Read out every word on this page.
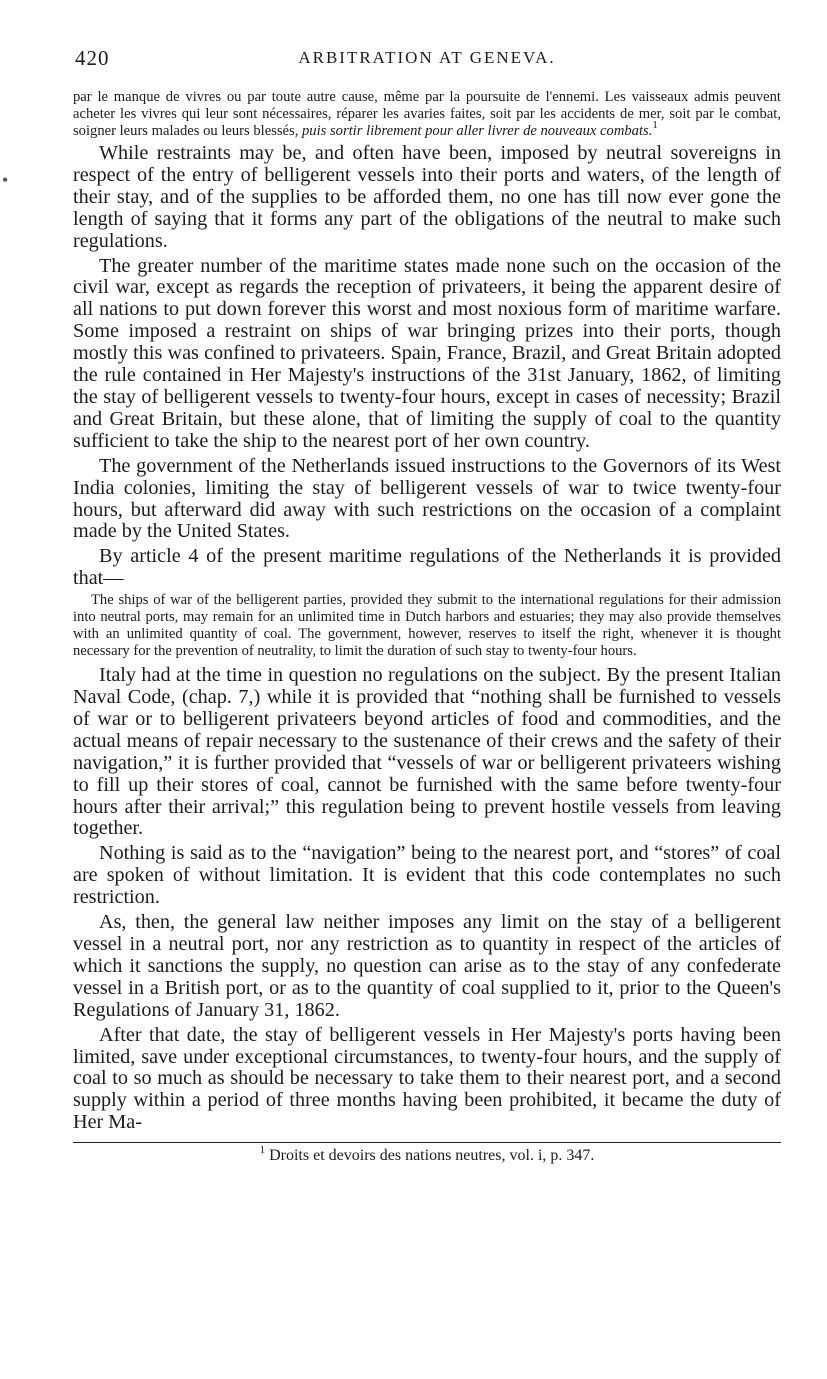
420	ARBITRATION AT GENEVA.

par le manque de vivres ou par toute autre cause, même par la poursuite de l'ennemi. Les vaisseaux admis peuvent acheter les vivres qui leur sont nécessaires, réparer les avaries faites, soit par les accidents de mer, soit par le combat, soigner leurs malades ou leurs blessés, puis sortir librement pour aller livrer de nouveaux combats.$^1$

While restraints may be, and often have been, imposed by neutral sovereigns in respect of the entry of belligerent vessels into their ports and waters, of the length of their stay, and of the supplies to be afforded them, no one has till now ever gone the length of saying that it forms any part of the obligations of the neutral to make such regulations.

The greater number of the maritime states made none such on the occasion of the civil war, except as regards the reception of privateers, it being the apparent desire of all nations to put down forever this worst and most noxious form of maritime warfare. Some imposed a restraint on ships of war bringing prizes into their ports, though mostly this was confined to privateers. Spain, France, Brazil, and Great Britain adopted the rule contained in Her Majesty's instructions of the 31st January, 1862, of limiting the stay of belligerent vessels to twenty-four hours, except in cases of necessity; Brazil and Great Britain, but these alone, that of limiting the supply of coal to the quantity sufficient to take the ship to the nearest port of her own country.

The government of the Netherlands issued instructions to the Governors of its West India colonies, limiting the stay of belligerent vessels of war to twice twenty-four hours, but afterward did away with such restrictions on the occasion of a complaint made by the United States.

By article 4 of the present maritime regulations of the Netherlands it is provided that—

The ships of war of the belligerent parties, provided they submit to the international regulations for their admission into neutral ports, may remain for an unlimited time in Dutch harbors and estuaries; they may also provide themselves with an unlimited quantity of coal. The government, however, reserves to itself the right, whenever it is thought necessary for the prevention of neutrality, to limit the duration of such stay to twenty-four hours.

Italy had at the time in question no regulations on the subject. By the present Italian Naval Code, (chap. 7,) while it is provided that “nothing shall be furnished to vessels of war or to belligerent privateers beyond articles of food and commodities, and the actual means of repair necessary to the sustenance of their crews and the safety of their navigation,” it is further provided that “vessels of war or belligerent privateers wishing to fill up their stores of coal, cannot be furnished with the same before twenty-four hours after their arrival;” this regulation being to prevent hostile vessels from leaving together.

Nothing is said as to the “navigation” being to the nearest port, and “stores” of coal are spoken of without limitation. It is evident that this code contemplates no such restriction.

As, then, the general law neither imposes any limit on the stay of a belligerent vessel in a neutral port, nor any restriction as to quantity in respect of the articles of which it sanctions the supply, no question can arise as to the stay of any confederate vessel in a British port, or as to the quantity of coal supplied to it, prior to the Queen's Regulations of January 31, 1862.

After that date, the stay of belligerent vessels in Her Majesty's ports having been limited, save under exceptional circumstances, to twenty-four hours, and the supply of coal to so much as should be necessary to take them to their nearest port, and a second supply within a period of three months having been prohibited, it became the duty of Her Ma-

$^1$ Droits et devoirs des nations neutres, vol. i, p. 347.
•
